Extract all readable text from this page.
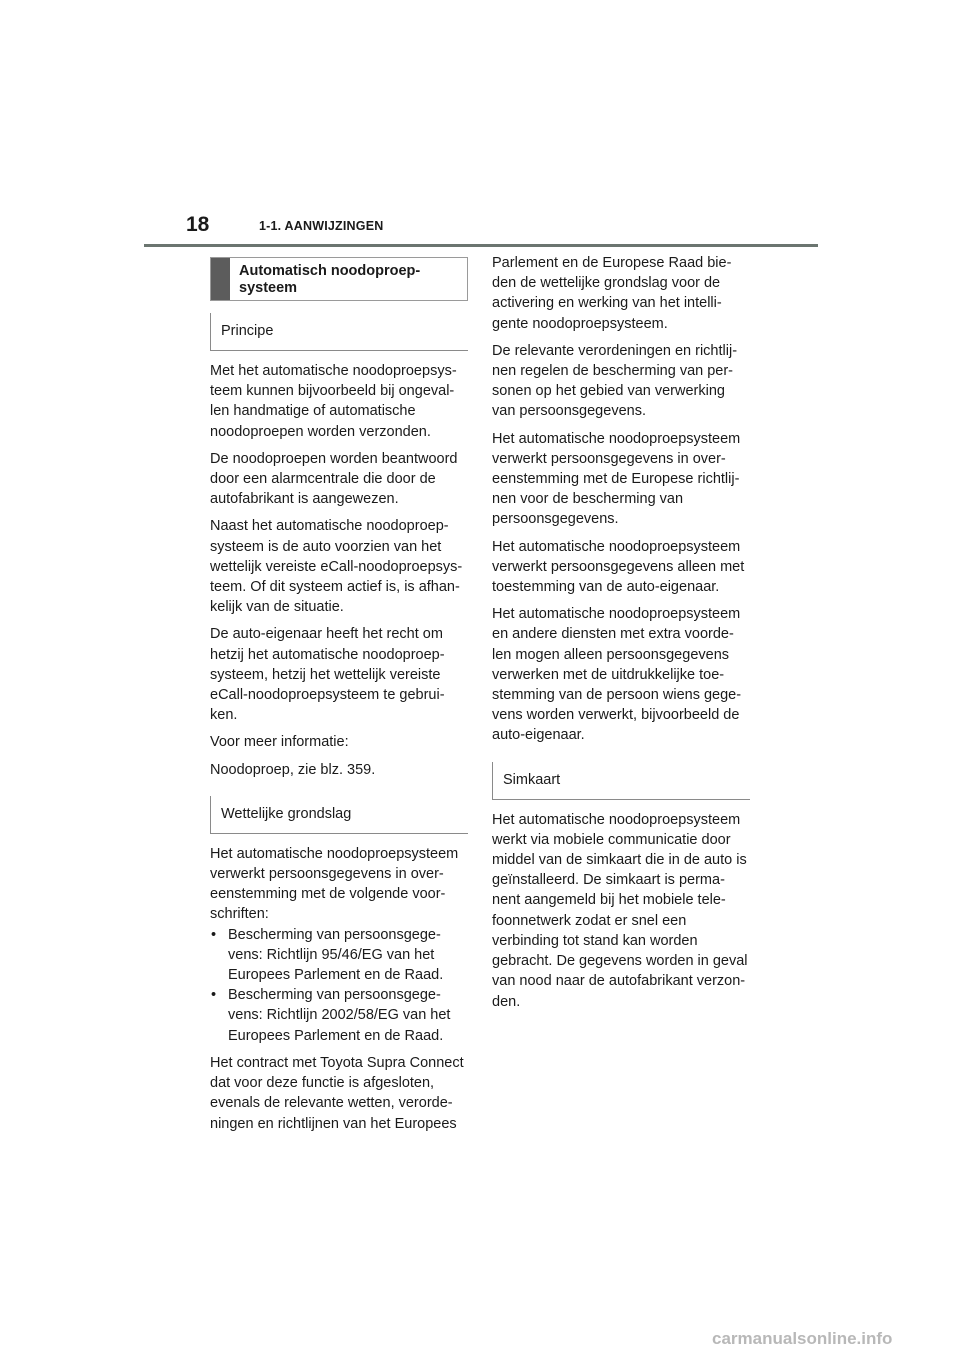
18	1-1. AANWIJZINGEN
Automatisch noodoproep-systeem
Principe

Met het automatische noodoproepsys-teem kunnen bijvoorbeeld bij ongeval-len handmatige of automatische noodoproepen worden verzonden.

De noodoproepen worden beantwoord door een alarmcentrale die door de autofabrikant is aangewezen.

Naast het automatische noodoproep-systeem is de auto voorzien van het wettelijk vereiste eCall-noodoproepsys-teem. Of dit systeem actief is, is afhan-kelijk van de situatie.

De auto-eigenaar heeft het recht om hetzij het automatische noodoproep-systeem, hetzij het wettelijk vereiste eCall-noodoproepsysteem te gebrui-ken.

Voor meer informatie:

Noodoproep, zie blz. 359.

Wettelijke grondslag

Het automatische noodoproepsysteem verwerkt persoonsgegevens in over-eenstemming met de volgende voor-schriften:

• Bescherming van persoonsgege-vens: Richtlijn 95/46/EG van het Europees Parlement en de Raad.
• Bescherming van persoonsgege-vens: Richtlijn 2002/58/EG van het Europees Parlement en de Raad.

Het contract met Toyota Supra Connect dat voor deze functie is afgesloten, evenals de relevante wetten, verorde-ningen en richtlijnen van het Europees

Parlement en de Europese Raad bie-den de wettelijke grondslag voor de activering en werking van het intelli-gente noodoproepsysteem.

De relevante verordeningen en richtlij-nen regelen de bescherming van per-sonen op het gebied van verwerking van persoonsgegevens.

Het automatische noodoproepsysteem verwerkt persoonsgegevens in over-eenstemming met de Europese richtlij-nen voor de bescherming van persoonsgegevens.

Het automatische noodoproepsysteem verwerkt persoonsgegevens alleen met toestemming van de auto-eigenaar.

Het automatische noodoproepsysteem en andere diensten met extra voorde-len mogen alleen persoonsgegevens verwerken met de uitdrukkelijke toe-stemming van de persoon wiens gege-vens worden verwerkt, bijvoorbeeld de auto-eigenaar.

Simkaart

Het automatische noodoproepsysteem werkt via mobiele communicatie door middel van de simkaart die in de auto is geïnstalleerd. De simkaart is perma-nent aangemeld bij het mobiele tele-foonnetwerk zodat er snel een verbinding tot stand kan worden gebracht. De gegevens worden in geval van nood naar de autofabrikant verzon-den.

carmanualsonline.info
